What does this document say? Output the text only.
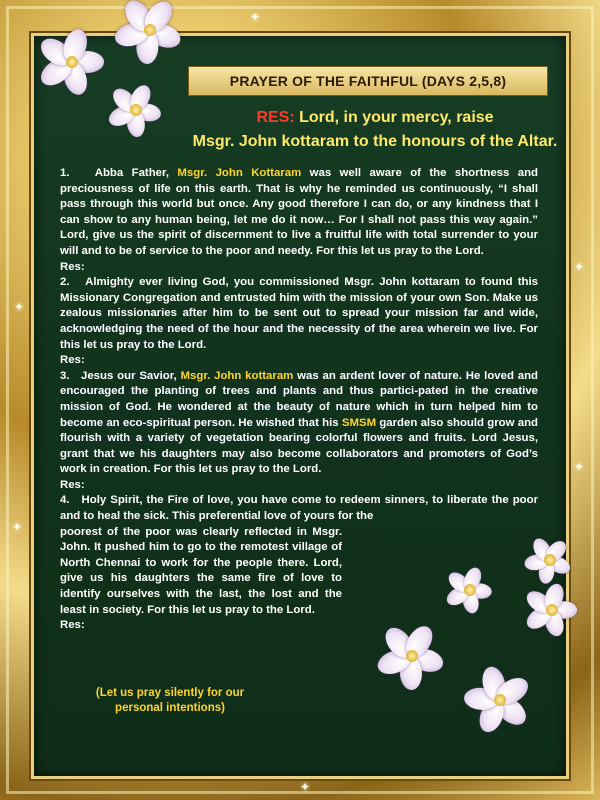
✦
✦
✦
✦
✦
✦
PRAYER OF THE FAITHFUL (DAYS 2,5,8)
RES: Lord, in your mercy, raise
Msgr. John kottaram to the honours of the Altar.

1. Abba Father, Msgr. John Kottaram was well aware of the shortness and preciousness of life on this earth. That is why he reminded us continuously, “I shall pass through this world but once. Any good therefore I can do, or any kindness that I can show to any human being, let me do it now… For I shall not pass this way again.” Lord, give us the spirit of discernment to live a fruitful life with total surrender to your will and to be of service to the poor and needy. For this let us pray to the Lord.

Res:

2. Almighty ever living God, you commissioned Msgr. John kottaram to found this Missionary Congregation and entrusted him with the mission of your own Son. Make us zealous missionaries after him to be sent out to spread your mission far and wide, acknowledging the need of the hour and the necessity of the area wherein we live. For this let us pray to the Lord.

Res:

3. Jesus our Savior, Msgr. John kottaram was an ardent lover of nature. He loved and encouraged the planting of trees and plants and thus partici-pated in the creative mission of God. He wondered at the beauty of nature which in turn helped him to become an eco-spiritual person. He wished that his SMSM garden also should grow and flourish with a variety of vegetation bearing colorful flowers and fruits. Lord Jesus, grant that we his daughters may also become collaborators and promoters of God’s work in creation. For this let us pray to the Lord.

Res:

4. Holy Spirit, the Fire of love, you have come to redeem sinners, to liberate the poor and to heal the sick. This preferential love of yours for the

poorest of the poor was clearly reflected in Msgr. John. It pushed him to go to the remotest village of North Chennai to work for the people there. Lord, give us his daughters the same fire of love to identify ourselves with the last, the lost and the least in society. For this let us pray to the Lord.

Res:
(Let us pray silently for our
personal intentions)
